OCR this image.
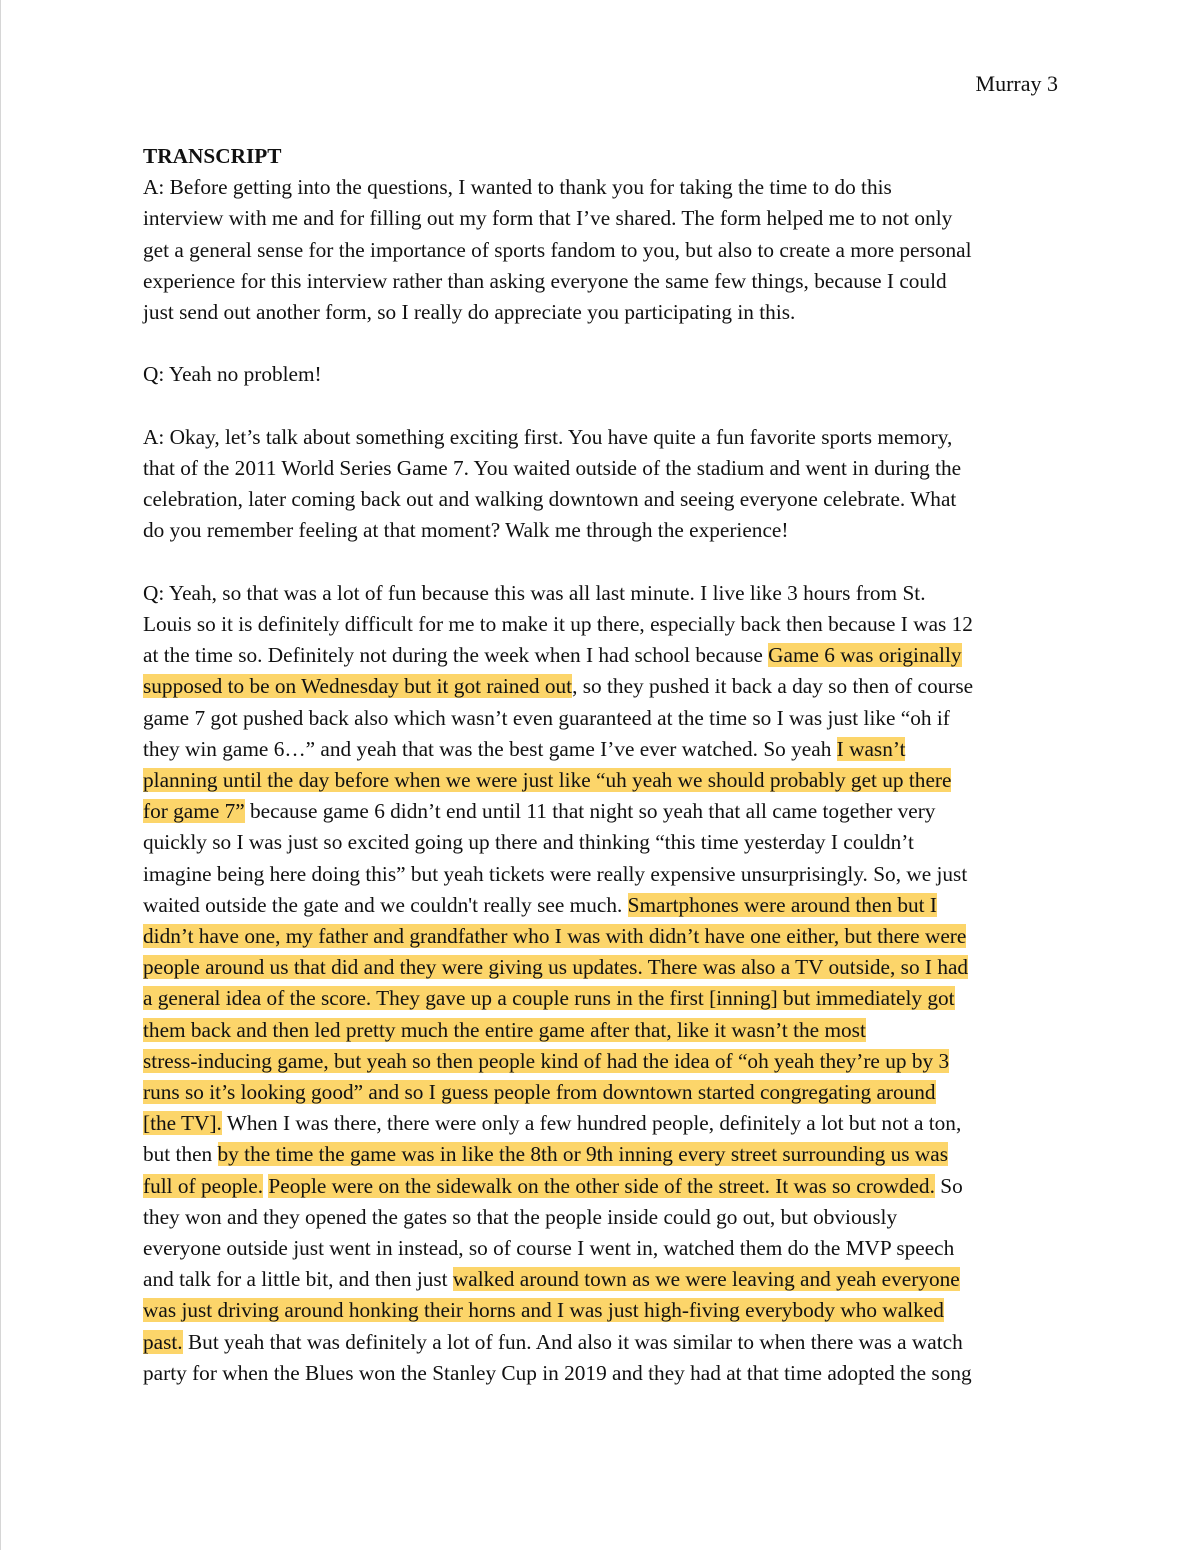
Murray 3
TRANSCRIPT
A: Before getting into the questions, I wanted to thank you for taking the time to do this
interview with me and for filling out my form that I’ve shared. The form helped me to not only
get a general sense for the importance of sports fandom to you, but also to create a more personal
experience for this interview rather than asking everyone the same few things, because I could
just send out another form, so I really do appreciate you participating in this.
Q: Yeah no problem!
A: Okay, let’s talk about something exciting first. You have quite a fun favorite sports memory,
that of the 2011 World Series Game 7. You waited outside of the stadium and went in during the
celebration, later coming back out and walking downtown and seeing everyone celebrate. What
do you remember feeling at that moment? Walk me through the experience!
Q: Yeah, so that was a lot of fun because this was all last minute. I live like 3 hours from St.
Louis so it is definitely difficult for me to make it up there, especially back then because I was 12
at the time so. Definitely not during the week when I had school because Game 6 was originally
supposed to be on Wednesday but it got rained out, so they pushed it back a day so then of course
game 7 got pushed back also which wasn’t even guaranteed at the time so I was just like “oh if
they win game 6…” and yeah that was the best game I’ve ever watched. So yeah I wasn’t
planning until the day before when we were just like “uh yeah we should probably get up there
for game 7” because game 6 didn’t end until 11 that night so yeah that all came together very
quickly so I was just so excited going up there and thinking “this time yesterday I couldn’t
imagine being here doing this” but yeah tickets were really expensive unsurprisingly. So, we just
waited outside the gate and we couldn't really see much. Smartphones were around then but I
didn’t have one, my father and grandfather who I was with didn’t have one either, but there were
people around us that did and they were giving us updates. There was also a TV outside, so I had
a general idea of the score. They gave up a couple runs in the first [inning] but immediately got
them back and then led pretty much the entire game after that, like it wasn’t the most
stress-inducing game, but yeah so then people kind of had the idea of “oh yeah they’re up by 3
runs so it’s looking good” and so I guess people from downtown started congregating around
[the TV]. When I was there, there were only a few hundred people, definitely a lot but not a ton,
but then by the time the game was in like the 8th or 9th inning every street surrounding us was
full of people. People were on the sidewalk on the other side of the street. It was so crowded. So
they won and they opened the gates so that the people inside could go out, but obviously
everyone outside just went in instead, so of course I went in, watched them do the MVP speech
and talk for a little bit, and then just walked around town as we were leaving and yeah everyone
was just driving around honking their horns and I was just high-fiving everybody who walked
past. But yeah that was definitely a lot of fun. And also it was similar to when there was a watch
party for when the Blues won the Stanley Cup in 2019 and they had at that time adopted the song
